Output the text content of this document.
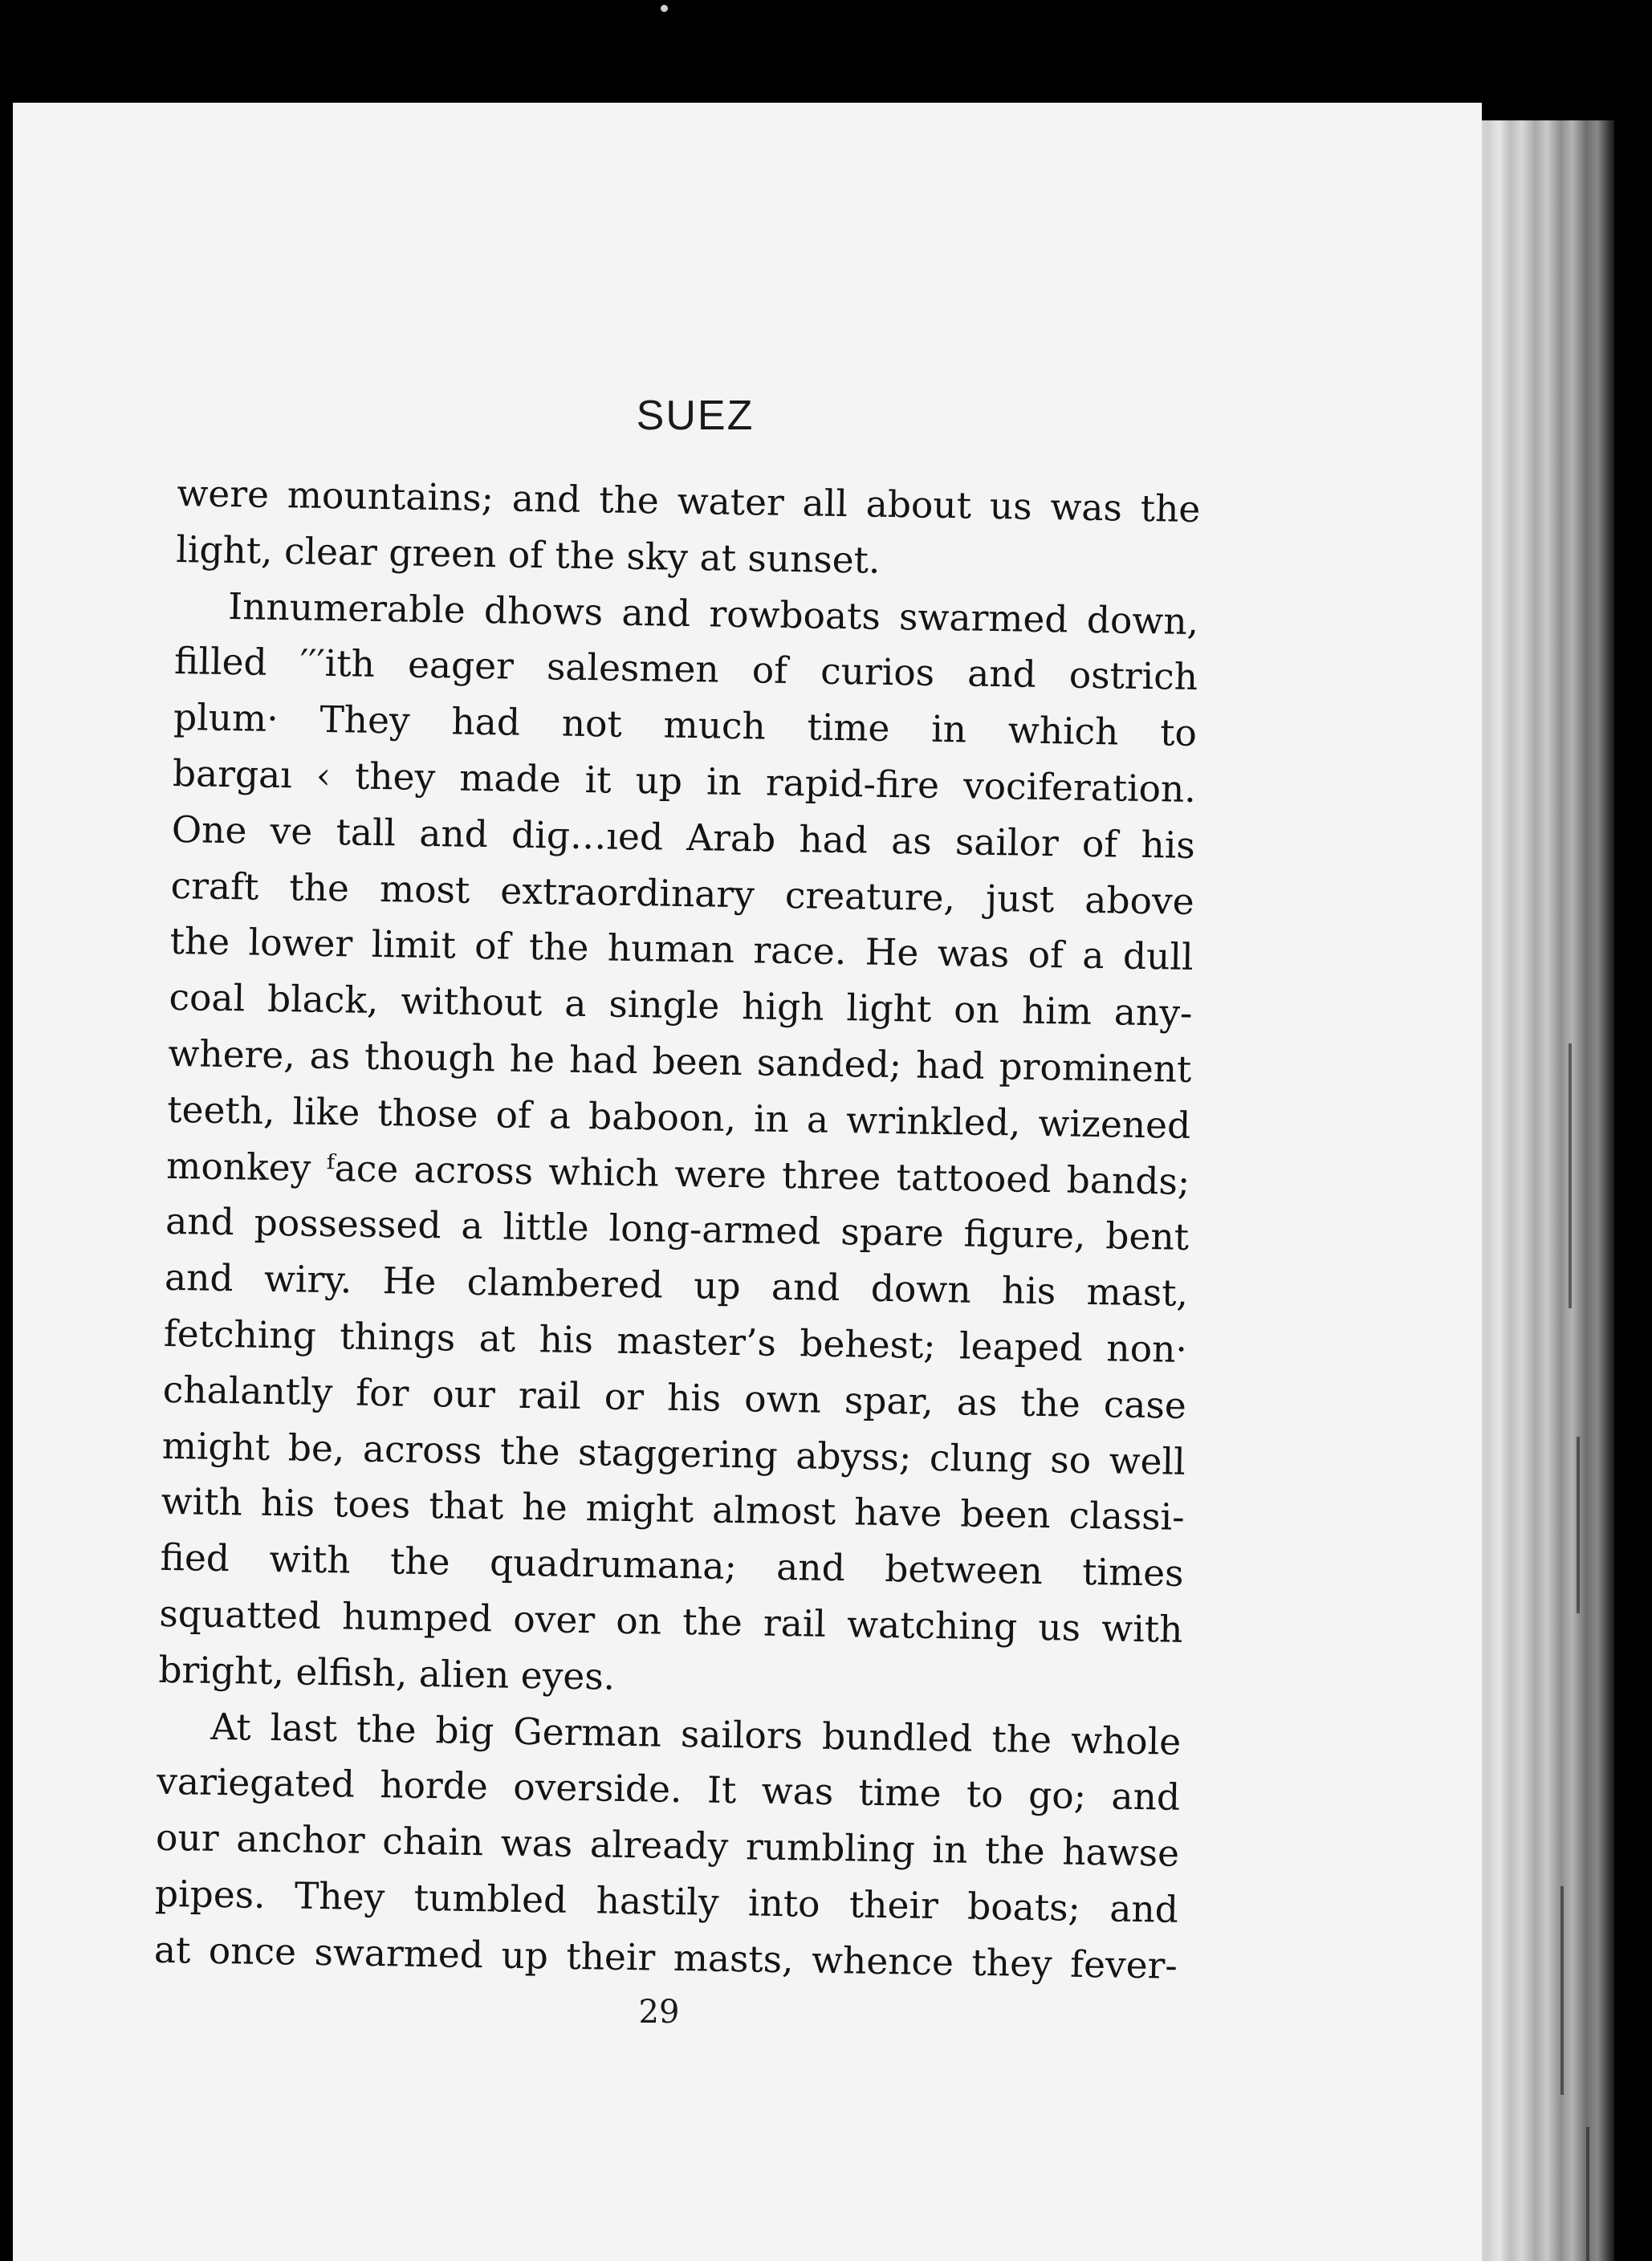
SUEZ
were mountains; and the water all about us was the
light, clear green of the sky at sunset.
Innumerable dhows and rowboats swarmed down,
filled ′′′ith eager salesmen of curios and ostrich
plum· They had not much time in which to
bargaı ‹ they made it up in rapid-fire vociferation.
One ve tall and diɡ…ıed Arab had as sailor of his
craft the most extraordinary creature, just above
the lower limit of the human race. He was of a dull
coal black, without a single high light on him any-
where, as though he had been sanded; had prominent
teeth, like those of a baboon, in a wrinkled, wizened
monkey ᶠace across which were three tattooed bands;
and possessed a little long-armed spare figure, bent
and wiry. He clambered up and down his mast,
fetching things at his master’s behest; leaped non·
chalantly for our rail or his own spar, as the case
might be, across the staggering abyss; clung so well
with his toes that he might almost have been classi-
fied with the quadrumana; and between times
squatted humped over on the rail watching us with
bright, elfish, alien eyes.
At last the big German sailors bundled the whole
variegated horde overside. It was time to go; and
our anchor chain was already rumbling in the hawse
pipes. They tumbled hastily into their boats; and
at once swarmed up their masts, whence they fever-
29
